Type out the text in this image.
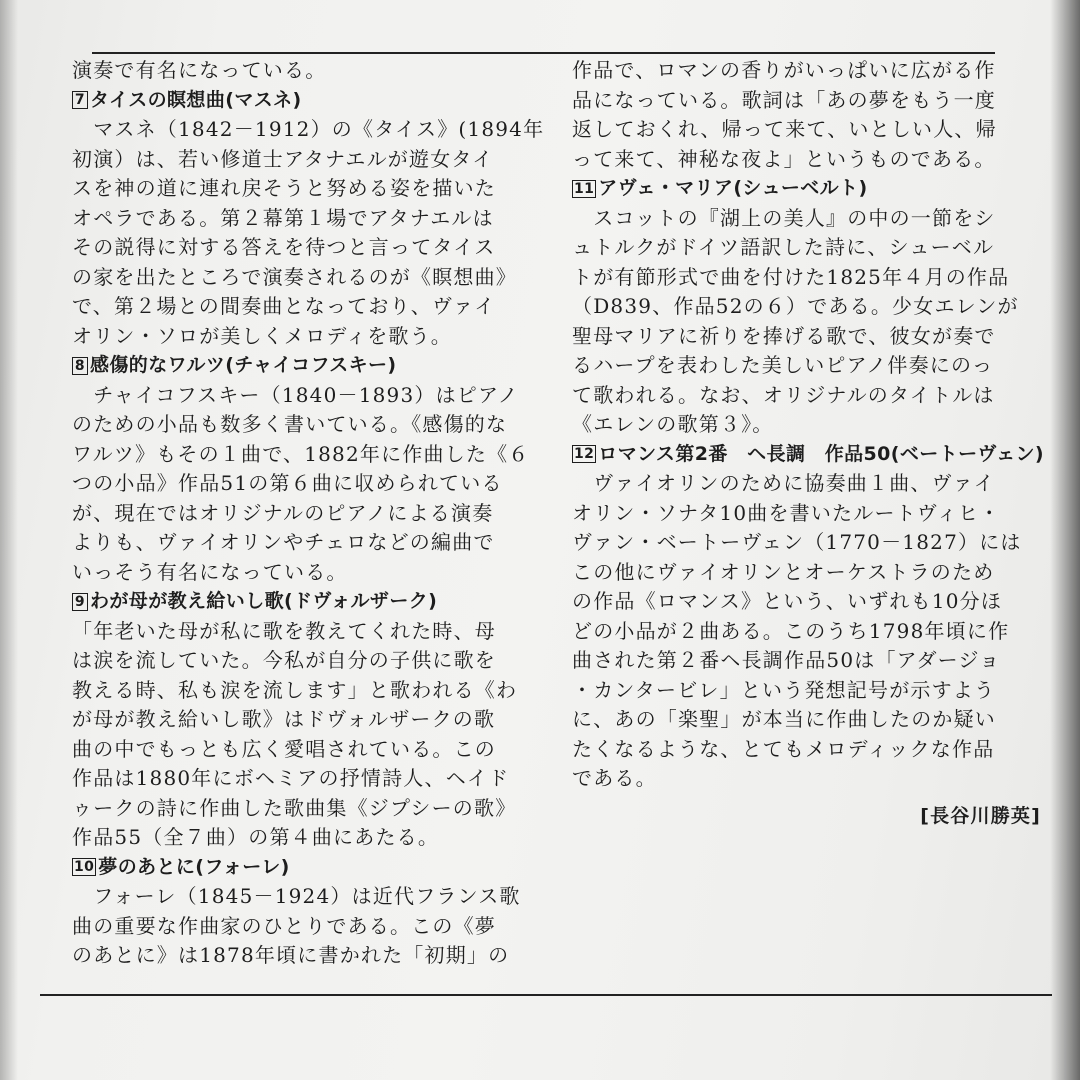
演奏で有名になっている。
7 タイスの瞑想曲(マスネ)
　マスネ（1842－1912）の《タイス》(1894年
初演）は、若い修道士アタナエルが遊女タイ
スを神の道に連れ戻そうと努める姿を描いた
オペラである。第２幕第１場でアタナエルは
その説得に対する答えを待つと言ってタイス
の家を出たところで演奏されるのが《瞑想曲》
で、第２場との間奏曲となっており、ヴァイ
オリン・ソロが美しくメロディを歌う。
8 感傷的なワルツ(チャイコフスキー)
　チャイコフスキー（1840－1893）はピアノ
のための小品も数多く書いている。《感傷的な
ワルツ》もその１曲で、1882年に作曲した《６
つの小品》作品51の第６曲に収められている
が、現在ではオリジナルのピアノによる演奏
よりも、ヴァイオリンやチェロなどの編曲で
いっそう有名になっている。
9 わが母が教え給いし歌(ドヴォルザーク)
「年老いた母が私に歌を教えてくれた時、母
は涙を流していた。今私が自分の子供に歌を
教える時、私も涙を流します」と歌われる《わ
が母が教え給いし歌》はドヴォルザークの歌
曲の中でもっとも広く愛唱されている。この
作品は1880年にボヘミアの抒情詩人、ヘイド
ゥークの詩に作曲した歌曲集《ジプシーの歌》
作品55（全７曲）の第４曲にあたる。
10 夢のあとに(フォーレ)
　フォーレ（1845－1924）は近代フランス歌
曲の重要な作曲家のひとりである。この《夢
のあとに》は1878年頃に書かれた「初期」の
作品で、ロマンの香りがいっぱいに広がる作
品になっている。歌詞は「あの夢をもう一度
返しておくれ、帰って来て、いとしい人、帰
って来て、神秘な夜よ」というものである。
11 アヴェ・マリア(シューベルト)
　スコットの『湖上の美人』の中の一節をシ
ュトルクがドイツ語訳した詩に、シューベル
トが有節形式で曲を付けた1825年４月の作品
（D839、作品52の６）である。少女エレンが
聖母マリアに祈りを捧げる歌で、彼女が奏で
るハープを表わした美しいピアノ伴奏にのっ
て歌われる。なお、オリジナルのタイトルは
《エレンの歌第３》。
12 ロマンス第2番　ヘ長調　作品50(ベートーヴェン)
　ヴァイオリンのために協奏曲１曲、ヴァイ
オリン・ソナタ10曲を書いたルートヴィヒ・
ヴァン・ベートーヴェン（1770－1827）には
この他にヴァイオリンとオーケストラのため
の作品《ロマンス》という、いずれも10分ほ
どの小品が２曲ある。このうち1798年頃に作
曲された第２番ヘ長調作品50は「アダージョ
・カンタービレ」という発想記号が示すよう
に、あの「楽聖」が本当に作曲したのか疑い
たくなるような、とてもメロディックな作品
である。
[長谷川勝英]
